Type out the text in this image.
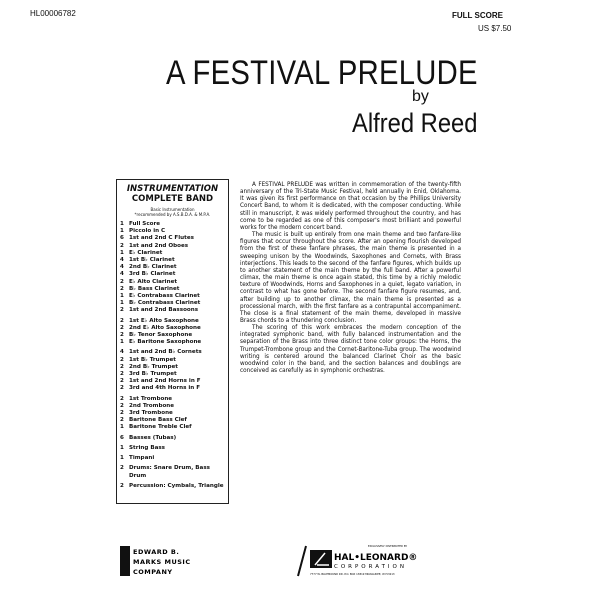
HL00006782	FULL SCORE
US $7.50
A FESTIVAL PRELUDE
by
Alfred Reed
INSTRUMENTATION
COMPLETE BAND
Basic Instrumentation
*recommended by A.S.B.D.A. & M.P.A.
1 Full Score
1 Piccolo in C
6 1st and 2nd C Flutes
2 1st and 2nd Oboes
1 E♭ Clarinet
4 1st B♭ Clarinet
4 2nd B♭ Clarinet
4 3rd B♭ Clarinet
2 E♭ Alto Clarinet
2 B♭ Bass Clarinet
1 E♭ Contrabass Clarinet
1 B♭ Contrabass Clarinet
2 1st and 2nd Bassoons
2 1st E♭ Alto Saxophone
2 2nd E♭ Alto Saxophone
2 B♭ Tenor Saxophone
1 E♭ Baritone Saxophone
4 1st and 2nd B♭ Cornets
2 1st B♭ Trumpet
2 2nd B♭ Trumpet
2 3rd B♭ Trumpet
2 1st and 2nd Horns in F
2 3rd and 4th Horns in F
2 1st Trombone
2 2nd Trombone
2 3rd Trombone
2 Baritone Bass Clef
1 Baritone Treble Clef
6 Basses (Tubas)
1 String Bass
1 Timpani
2 Drums: Snare Drum, Bass Drum
2 Percussion: Cymbals, Triangle

A FESTIVAL PRELUDE was written in commemoration of the twenty-fifth anniversary of the Tri-State Music Festival, held annually in Enid, Oklahoma. It was given its first performance on that occasion by the Phillips University Concert Band, to whom it is dedicated, with the composer conducting. While still in manuscript, it was widely performed throughout the country, and has come to be regarded as one of this composer's most brilliant and powerful works for the modern concert band.

The music is built up entirely from one main theme and two fanfare-like figures that occur throughout the score. After an opening flourish developed from the first of these fanfare phrases, the main theme is presented in a sweeping unison by the Woodwinds, Saxophones and Cornets, with Brass interjections. This leads to the second of the fanfare figures, which builds up to another statement of the main theme by the full band. After a powerful climax, the main theme is once again stated, this time by a richly melodic texture of Woodwinds, Horns and Saxophones in a quiet, legato variation, in contrast to what has gone before. The second fanfare figure resumes, and, after building up to another climax, the main theme is presented as a processional march, with the first fanfare as a contrapuntal accompaniment. The close is a final statement of the main theme, developed in massive Brass chords to a thundering conclusion.

The scoring of this work embraces the modern conception of the integrated symphonic band, with fully balanced instrumentation and the separation of the Brass into three distinct tone color groups: the Horns, the Trumpet-Trombone group and the Cornet-Baritone-Tuba group. The woodwind writing is centered around the balanced Clarinet Choir as the basic woodwind color in the band, and the section balances and doublings are conceived as carefully as in symphonic orchestras.

EDWARD B.
MARKS MUSIC
COMPANY
EXCLUSIVELY DISTRIBUTED BY
HAL•LEONARD®
CORPORATION
7777 W. BLUEMOUND RD. P.O. BOX 13819 MILWAUKEE, WI 53213
